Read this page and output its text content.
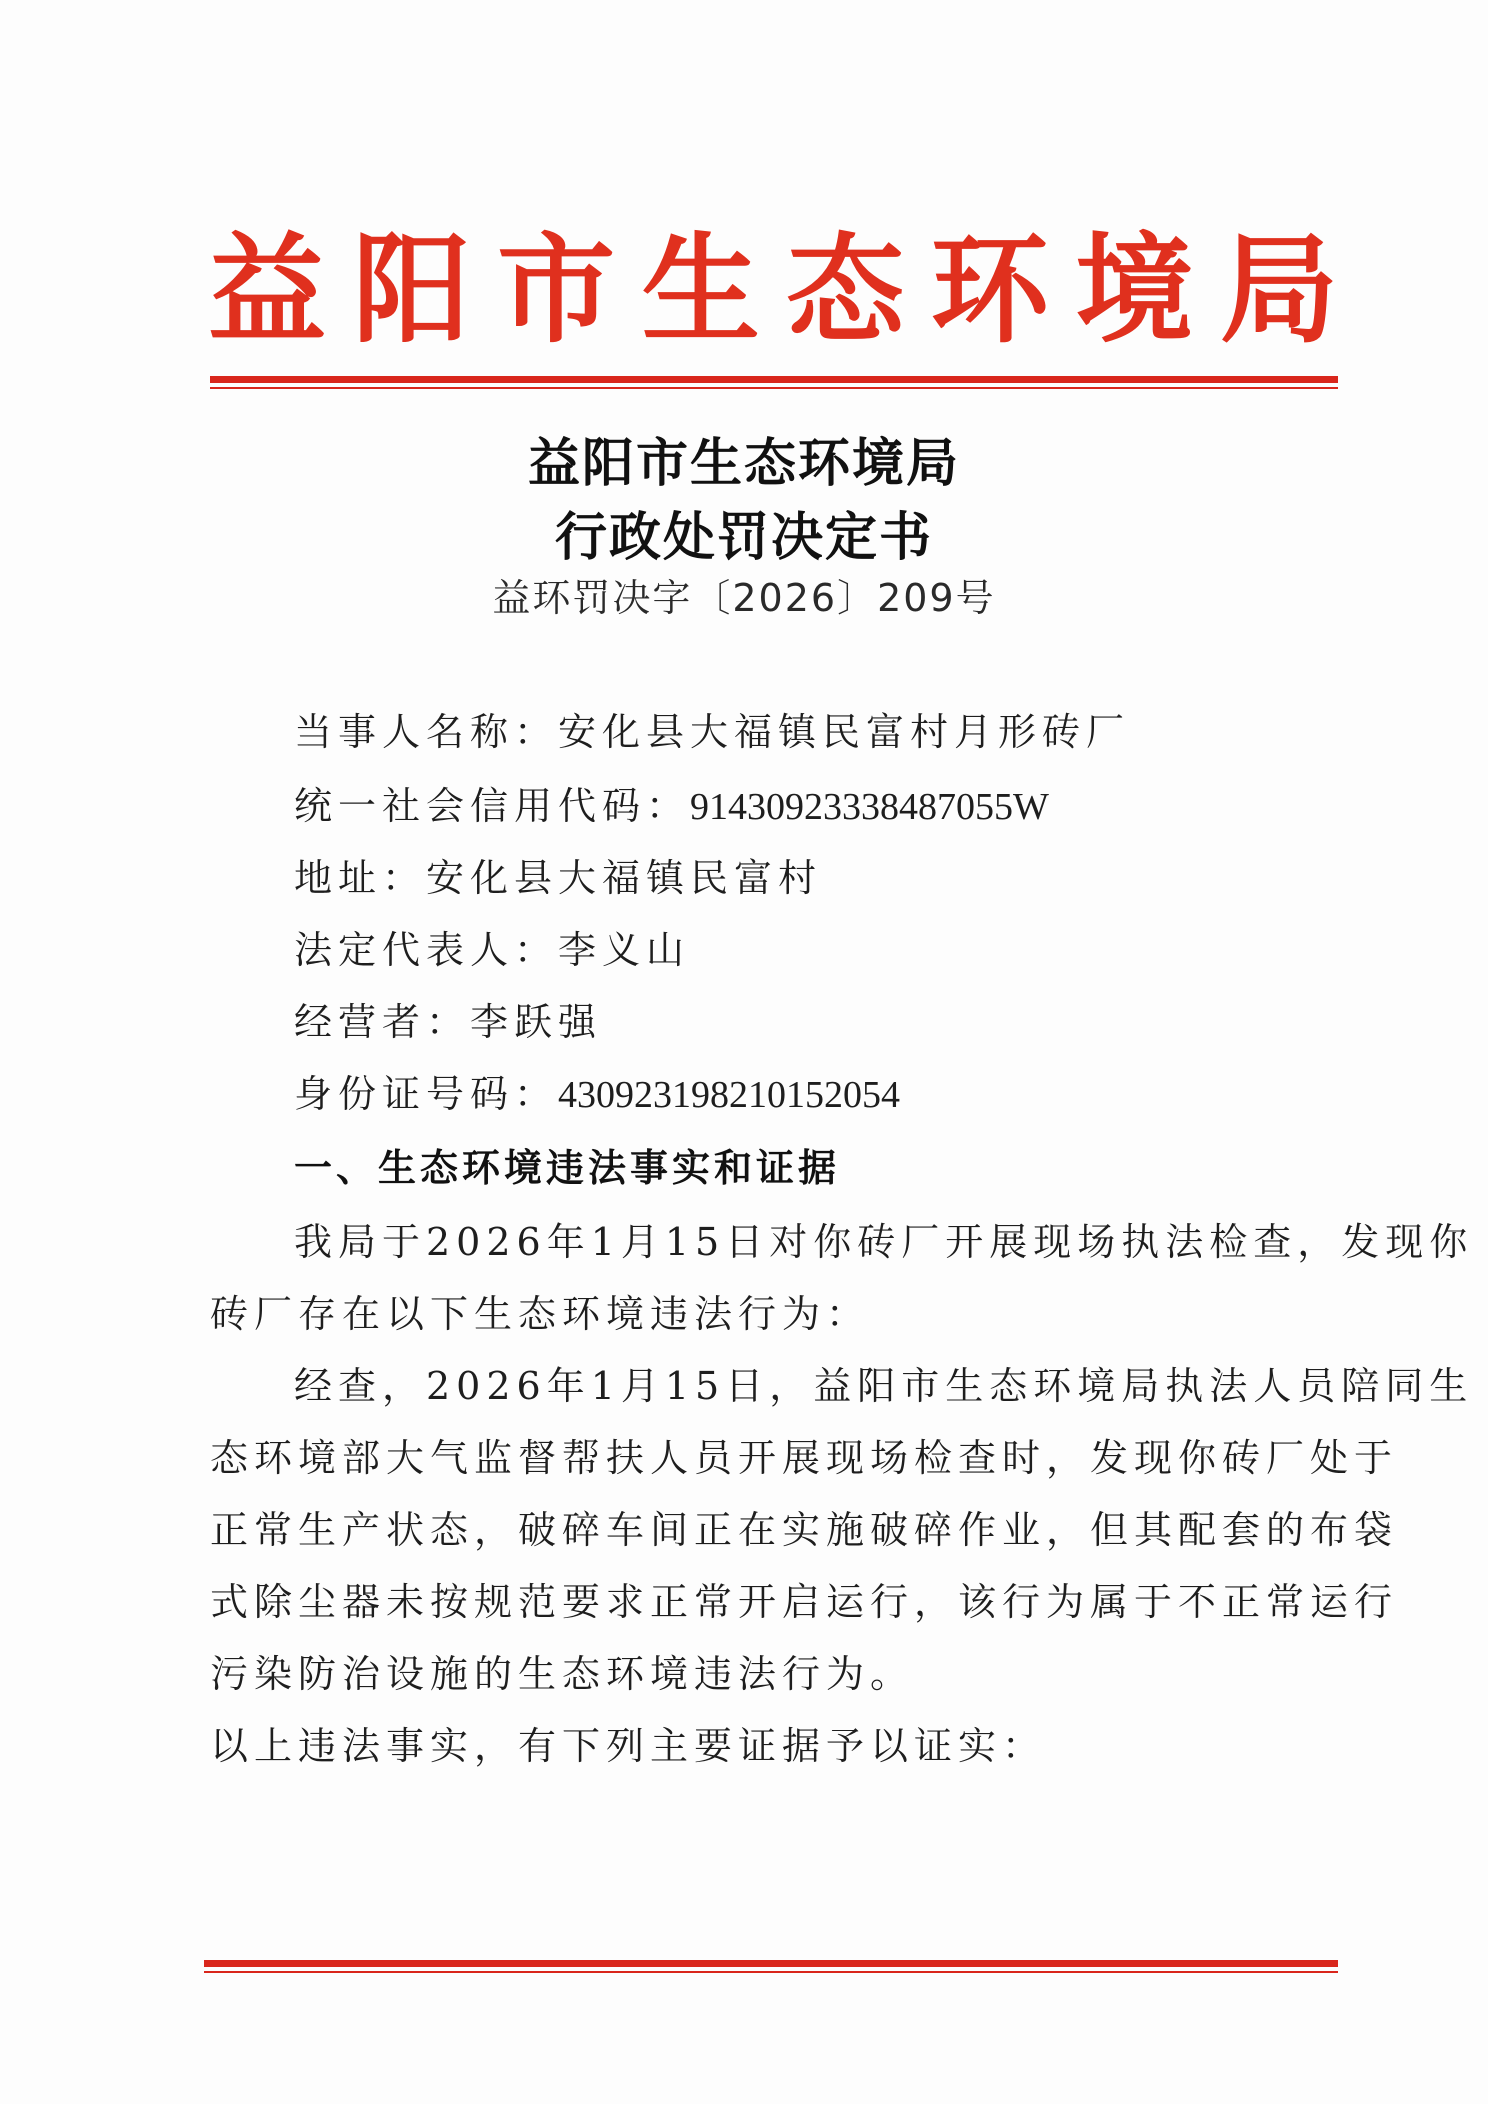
益 阳 市 生 态 环 境 局
益阳市生态环境局
行政处罚决定书
益环罚决字〔2026〕209号
当事人名称：安化县大福镇民富村月形砖厂
统一社会信用代码：91430923338487055W
地址：安化县大福镇民富村
法定代表人：李义山
经营者：李跃强
身份证号码：430923198210152054
一、生态环境违法事实和证据
我局于2026年1月15日对你砖厂开展现场执法检查，发现你
砖厂存在以下生态环境违法行为：
经查，2026年1月15日，益阳市生态环境局执法人员陪同生
态环境部大气监督帮扶人员开展现场检查时，发现你砖厂处于
正常生产状态，破碎车间正在实施破碎作业，但其配套的布袋
式除尘器未按规范要求正常开启运行，该行为属于不正常运行
污染防治设施的生态环境违法行为。
以上违法事实，有下列主要证据予以证实：
